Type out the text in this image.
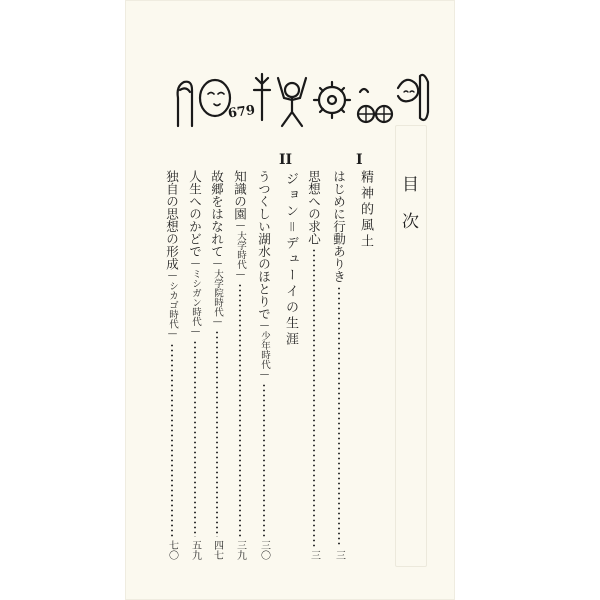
679
目次
I
精神的風土
はじめに行動ありき
三
思想への求心
三
II
ジョン＝デューイの生涯
うつくしい湖水のほとりで
—少年時代—
三〇
知識の園
—大学時代—
三九
故郷をはなれて
—大学院時代—
四七
人生へのかどで
—ミシガン時代—
五九
独自の思想の形成
—シカゴ時代—
七〇
